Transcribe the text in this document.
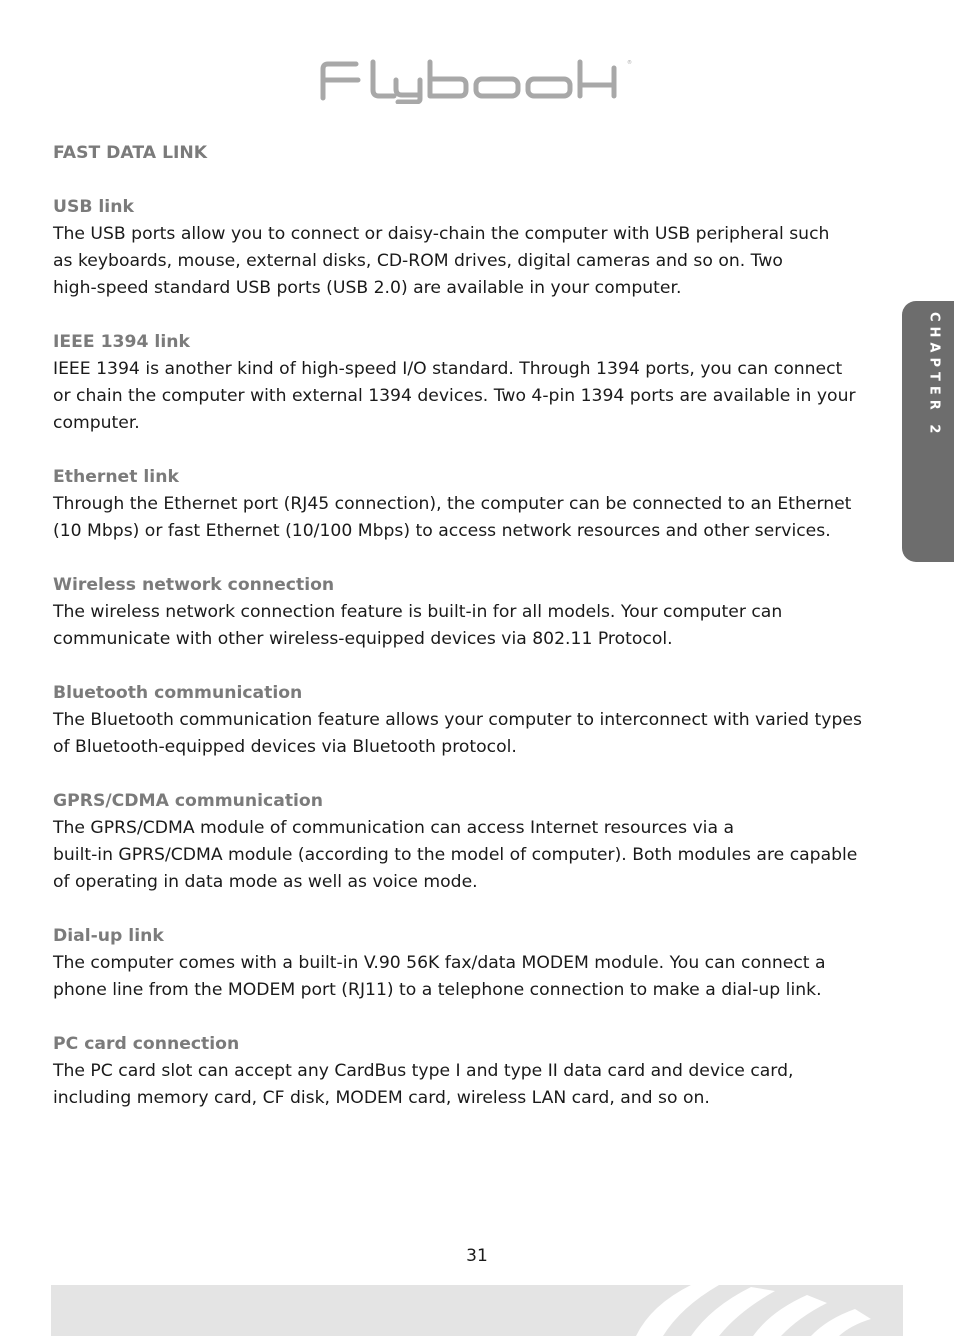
®

FAST DATA LINK

USB link

The USB ports allow you to connect or daisy-chain the computer with USB peripheral such
as keyboards, mouse, external disks, CD-ROM drives, digital cameras and so on. Two
high-speed standard USB ports (USB 2.0) are available in your computer.

IEEE 1394 link

IEEE 1394 is another kind of high-speed I/O standard. Through 1394 ports, you can connect
or chain the computer with external 1394 devices. Two 4-pin 1394 ports are available in your
computer.

Ethernet link

Through the Ethernet port (RJ45 connection), the computer can be connected to an Ethernet
(10 Mbps) or fast Ethernet (10/100 Mbps) to access network resources and other services.

Wireless network connection

The wireless network connection feature is built-in for all models. Your computer can
communicate with other wireless-equipped devices via 802.11 Protocol.

Bluetooth communication

The Bluetooth communication feature allows your computer to interconnect with varied types
of Bluetooth-equipped devices via Bluetooth protocol.

GPRS/CDMA communication

The GPRS/CDMA module of communication can access Internet resources via a
built-in GPRS/CDMA module (according to the model of computer). Both modules are capable
of operating in data mode as well as voice mode.

Dial-up link

The computer comes with a built-in V.90 56K fax/data MODEM module. You can connect a
phone line from the MODEM port (RJ11) to a telephone connection to make a dial-up link.

PC card connection

The PC card slot can accept any CardBus type I and type II data card and device card,
including memory card, CF disk, MODEM card, wireless LAN card, and so on.

CHAPTER 2
31
